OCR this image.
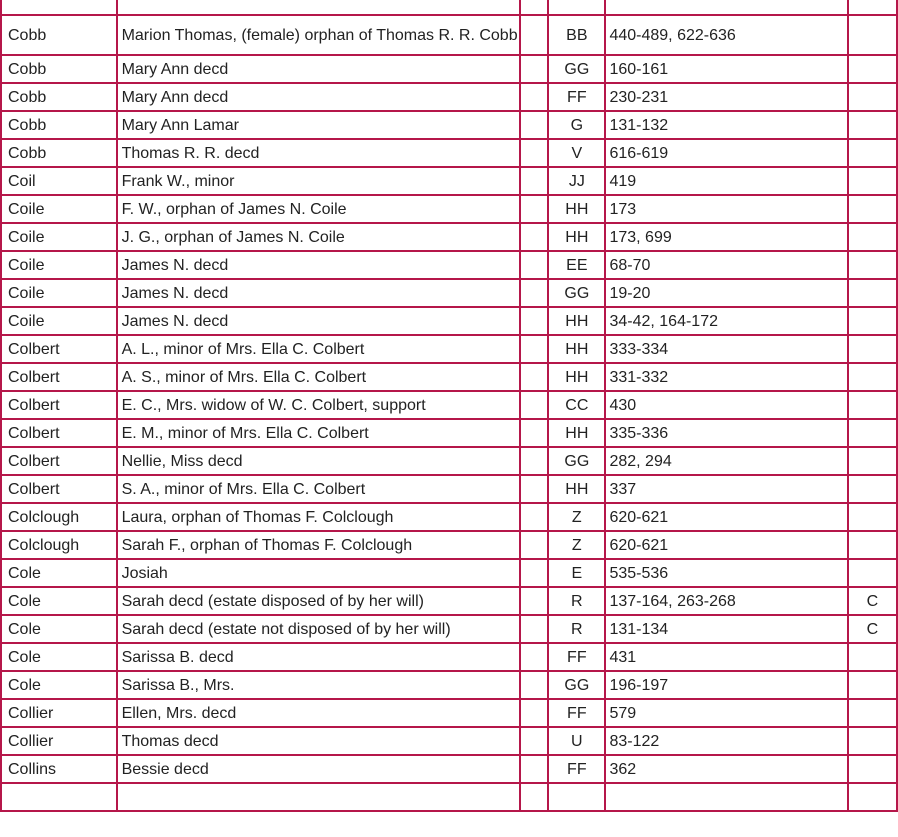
Cobb	Marion Thomas, (female) orphan of Thomas R. R. Cobb		BB	440-489, 622-636	
Cobb	Mary Ann decd		GG	160-161	
Cobb	Mary Ann decd		FF	230-231	
Cobb	Mary Ann Lamar		G	131-132	
Cobb	Thomas R. R. decd		V	616-619	
Coil	Frank W., minor		JJ	419	
Coile	F. W., orphan of James N. Coile		HH	173	
Coile	J. G., orphan of James N. Coile		HH	173, 699	
Coile	James N. decd		EE	68-70	
Coile	James N. decd		GG	19-20	
Coile	James N. decd		HH	34-42, 164-172	
Colbert	A. L., minor of Mrs. Ella C. Colbert		HH	333-334	
Colbert	A. S., minor of Mrs. Ella C. Colbert		HH	331-332	
Colbert	E. C., Mrs. widow of W. C. Colbert, support		CC	430	
Colbert	E. M., minor of Mrs. Ella C. Colbert		HH	335-336	
Colbert	Nellie, Miss decd		GG	282, 294	
Colbert	S. A., minor of Mrs. Ella C. Colbert		HH	337	
Colclough	Laura, orphan of Thomas F. Colclough		Z	620-621	
Colclough	Sarah F., orphan of Thomas F. Colclough		Z	620-621	
Cole	Josiah		E	535-536	
Cole	Sarah decd (estate disposed of by her will)		R	137-164, 263-268	C
Cole	Sarah decd (estate not disposed of by her will)		R	131-134	C
Cole	Sarissa B. decd		FF	431	
Cole	Sarissa B., Mrs.		GG	196-197	
Collier	Ellen, Mrs. decd		FF	579	
Collier	Thomas decd		U	83-122	
Collins	Bessie decd		FF	362	
